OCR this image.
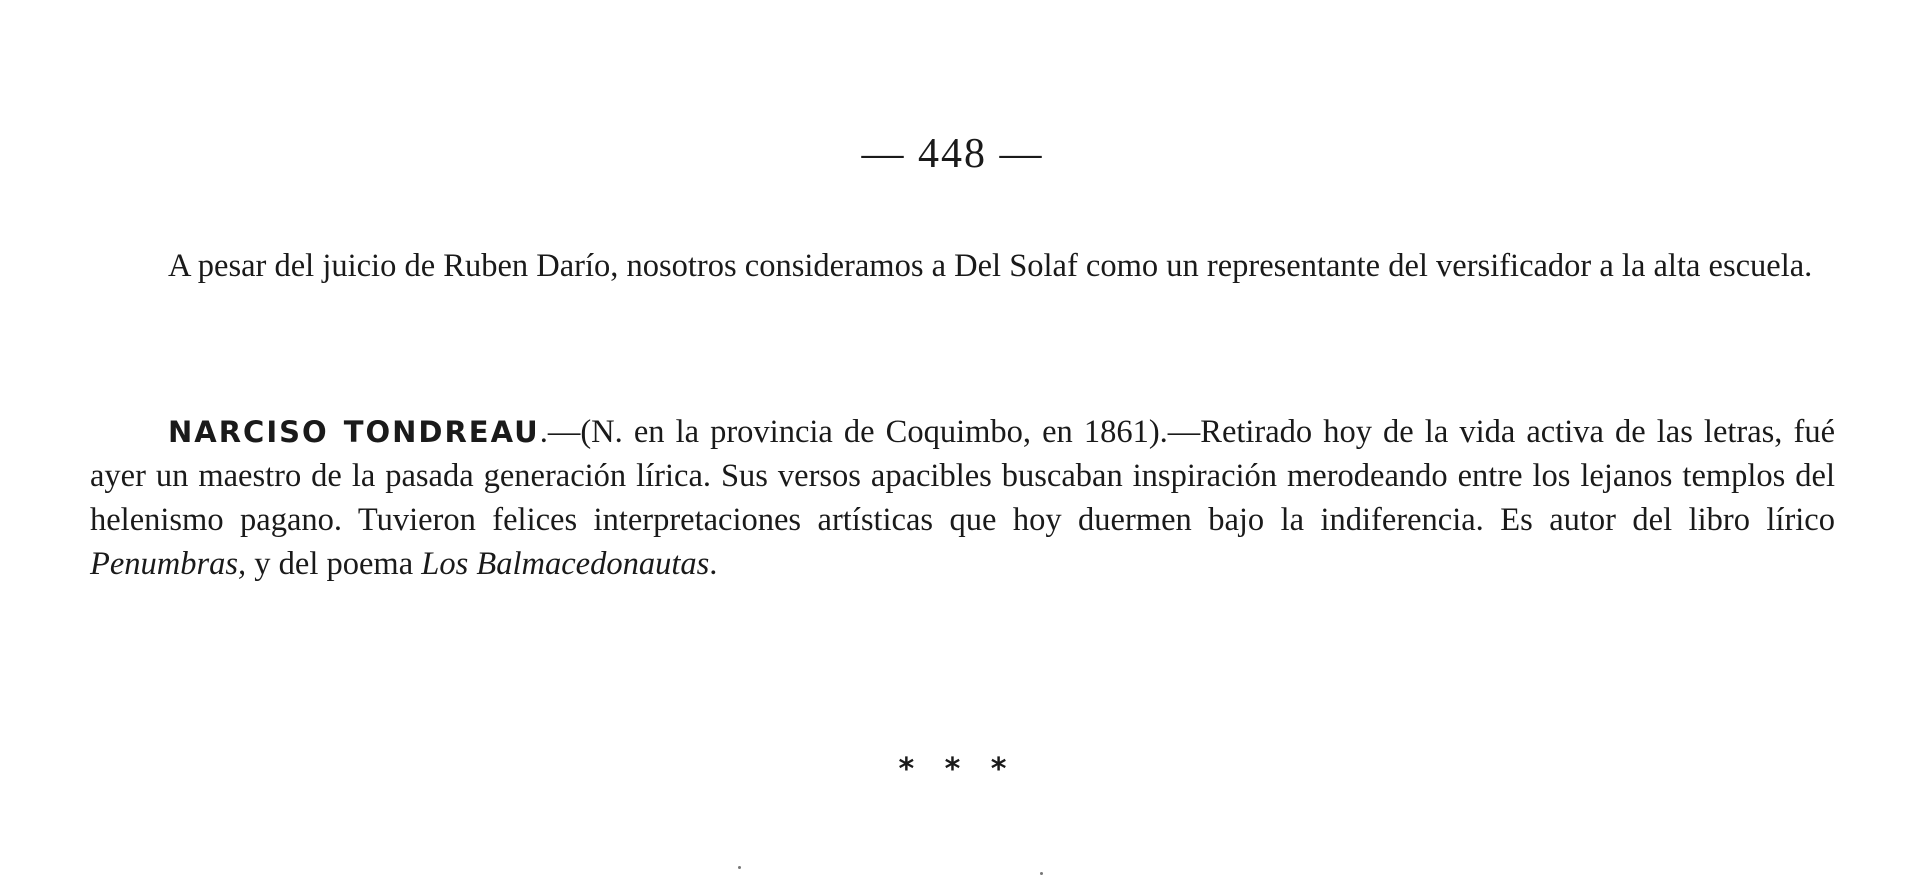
— 448 —
A pesar del juicio de Ruben Darío, nosotros consideramos a Del Solaf como un representante del versificador a la alta escuela.
NARCISO TONDREAU.—(N. en la provincia de Coquimbo, en 1861).—Retirado hoy de la vida activa de las letras, fué ayer un maestro de la pasada generación lírica. Sus versos apacibles buscaban inspiración merodeando entre los lejanos templos del helenismo pagano. Tuvieron felices interpretaciones artísticas que hoy duermen bajo la indiferencia. Es autor del libro lírico Penumbras, y del poema Los Balmacedonautas.
* * *
